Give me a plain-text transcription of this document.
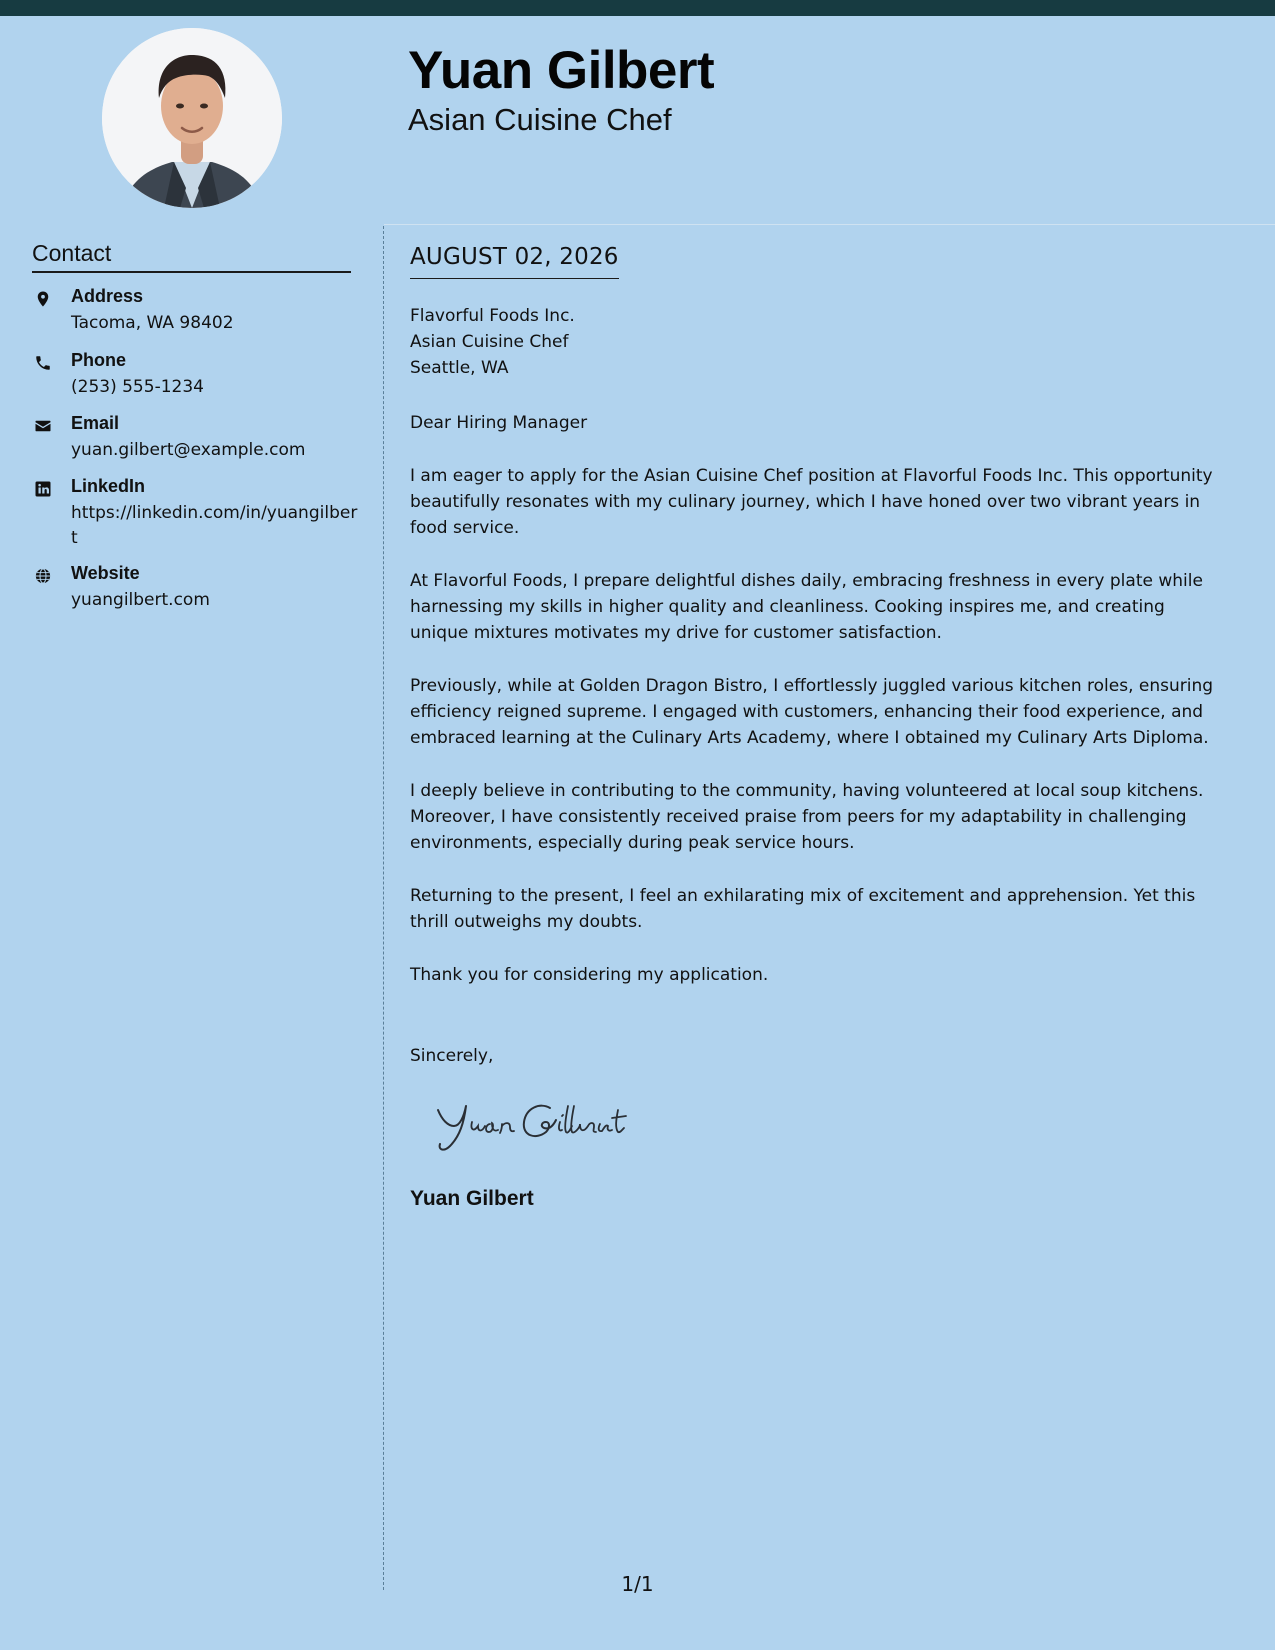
Yuan Gilbert
Asian Cuisine Chef
Contact
Address
Tacoma, WA 98402
Phone
(253) 555-1234
Email
yuan.gilbert@example.com
LinkedIn
https://linkedin.com/in/yuangilbert
Website
yuangilbert.com
AUGUST 02, 2026
Flavorful Foods Inc.
Asian Cuisine Chef
Seattle, WA
Dear Hiring Manager
I am eager to apply for the Asian Cuisine Chef position at Flavorful Foods Inc. This opportunity beautifully resonates with my culinary journey, which I have honed over two vibrant years in food service.
At Flavorful Foods, I prepare delightful dishes daily, embracing freshness in every plate while harnessing my skills in higher quality and cleanliness. Cooking inspires me, and creating unique mixtures motivates my drive for customer satisfaction.
Previously, while at Golden Dragon Bistro, I effortlessly juggled various kitchen roles, ensuring efficiency reigned supreme. I engaged with customers, enhancing their food experience, and embraced learning at the Culinary Arts Academy, where I obtained my Culinary Arts Diploma.
I deeply believe in contributing to the community, having volunteered at local soup kitchens. Moreover, I have consistently received praise from peers for my adaptability in challenging environments, especially during peak service hours.
Returning to the present, I feel an exhilarating mix of excitement and apprehension. Yet this thrill outweighs my doubts.
Thank you for considering my application.
Sincerely,
Yuan Gilbert
1/1
